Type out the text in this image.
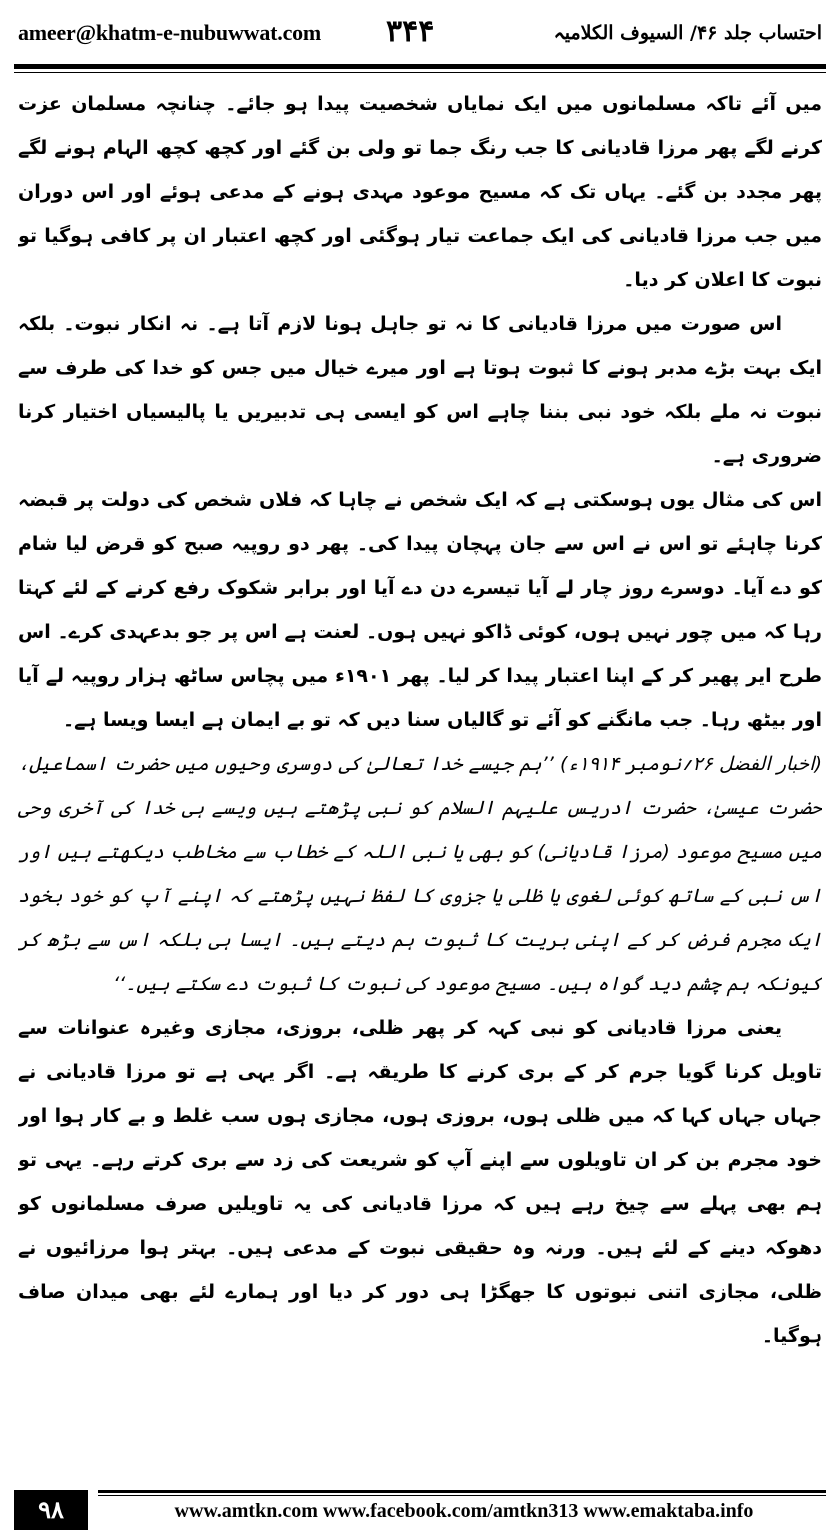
ameer@khatm-e-nubuwwat.com ۳۴۴	احتساب جلد ۴۶/ السیوف الکلامیہ

میں آئے تاکہ مسلمانوں میں ایک نمایاں شخصیت پیدا ہو جائے۔ چنانچہ مسلمان عزت کرنے لگے پھر مرزا قادیانی کا جب رنگ جما تو ولی بن گئے اور کچھ کچھ الہام ہونے لگے پھر مجدد بن گئے۔ یہاں تک کہ مسیح موعود مہدی ہونے کے مدعی ہوئے اور اس دوران میں جب مرزا قادیانی کی ایک جماعت تیار ہوگئی اور کچھ اعتبار ان پر کافی ہوگیا تو نبوت کا اعلان کر دیا۔

اس صورت میں مرزا قادیانی کا نہ تو جاہل ہونا لازم آتا ہے۔ نہ انکار نبوت۔ بلکہ ایک بہت بڑے مدبر ہونے کا ثبوت ہوتا ہے اور میرے خیال میں جس کو خدا کی طرف سے نبوت نہ ملے بلکہ خود نبی بننا چاہے اس کو ایسی ہی تدبیریں یا پالیسیاں اختیار کرنا ضروری ہے۔

اس کی مثال یوں ہوسکتی ہے کہ ایک شخص نے چاہا کہ فلاں شخص کی دولت پر قبضہ کرنا چاہئے تو اس نے اس سے جان پہچان پیدا کی۔ پھر دو روپیہ صبح کو قرض لیا شام کو دے آیا۔ دوسرے روز چار لے آیا تیسرے دن دے آیا اور برابر شکوک رفع کرنے کے لئے کہتا رہا کہ میں چور نہیں ہوں، کوئی ڈاکو نہیں ہوں۔ لعنت ہے اس پر جو بدعہدی کرے۔ اس طرح ایر پھیر کر کے اپنا اعتبار پیدا کر لیا۔ پھر ۱۹۰۱ء میں پچاس ساٹھ ہزار روپیہ لے آیا اور بیٹھ رہا۔ جب مانگنے کو آئے تو گالیاں سنا دیں کہ تو بے ایمان ہے ایسا ویسا ہے۔

(اخبار الفضل ۲۶؍نومبر ۱۹۱۴ء) ’’ہم جیسے خدا تعالیٰ کی دوسری وحیوں میں حضرت اسماعیل، حضرت عیسیٰ، حضرت ادریس علیہم السلام کو نبی پڑھتے ہیں ویسے ہی خدا کی آخری وحی میں مسیح موعود (مرزا قادیانی) کو بھی یا نبی اللہ کے خطاب سے مخاطب دیکھتے ہیں اور اس نبی کے ساتھ کوئی لغوی یا ظلی یا جزوی کا لفظ نہیں پڑھتے کہ اپنے آپ کو خود بخود ایک مجرم فرض کر کے اپنی بریت کا ثبوت ہم دیتے ہیں۔ ایسا ہی بلکہ اس سے بڑھ کر کیونکہ ہم چشم دید گواہ ہیں۔ مسیح موعود کی نبوت کا ثبوت دے سکتے ہیں۔‘‘

یعنی مرزا قادیانی کو نبی کہہ کر پھر ظلی، بروزی، مجازی وغیرہ عنوانات سے تاویل کرنا گویا جرم کر کے بری کرنے کا طریقہ ہے۔ اگر یہی ہے تو مرزا قادیانی نے جہاں جہاں کہا کہ میں ظلی ہوں، بروزی ہوں، مجازی ہوں سب غلط و بے کار ہوا اور خود مجرم بن کر ان تاویلوں سے اپنے آپ کو شریعت کی زد سے بری کرتے رہے۔ یہی تو ہم بھی پہلے سے چیخ رہے ہیں کہ مرزا قادیانی کی یہ تاویلیں صرف مسلمانوں کو دھوکہ دینے کے لئے ہیں۔ ورنہ وہ حقیقی نبوت کے مدعی ہیں۔ بہتر ہوا مرزائیوں نے ظلی، مجازی اتنی نبوتوں کا جھگڑا ہی دور کر دیا اور ہمارے لئے بھی میدان صاف ہوگیا۔

۹۸	www.amtkn.com www.facebook.com/amtkn313 www.emaktaba.info
